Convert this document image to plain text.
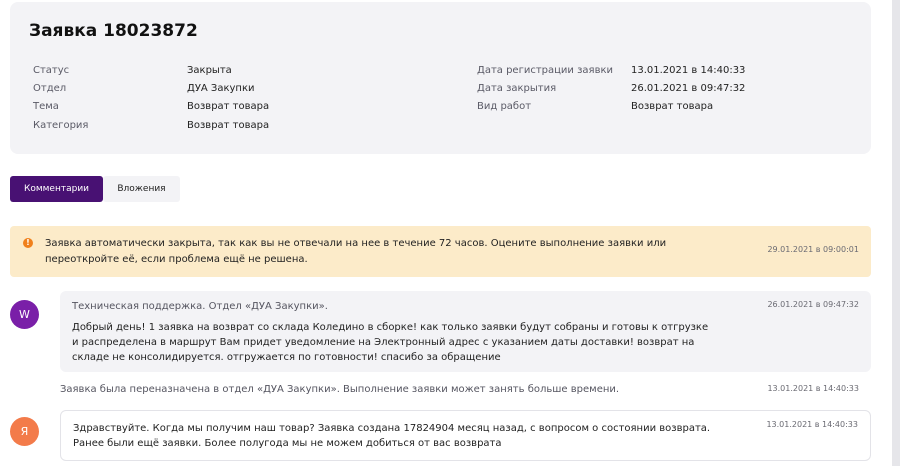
Заявка 18023872
Статус	Закрыта
Отдел	ДУА Закупки
Тема	Возврат товара
Категория	Возврат товара
Дата регистрации заявки 13.01.2021 в 14:40:33
Дата закрытия	26.01.2021 в 09:47:32
Вид работ	Возврат товара
Комментарии	Вложения
!	Заявка автоматически закрыта, так как вы не отвечали на нее в течение 72 часов. Оцените выполнение заявки или переоткройте её, если проблема ещё не решена.
29.01.2021 в 09:00:01
W
Техническая поддержка. Отдел «ДУА Закупки».	26.01.2021 в 09:47:32
Добрый день! 1 заявка на возврат со склада Коледино в сборке! как только заявки будут собраны и готовы к отгрузке и распределена в маршрут Вам придет уведомление на Электронный адрес с указанием даты доставки! возврат на складе не консолидируется. отгружается по готовности! спасибо за обращение
Заявка была переназначена в отдел «ДУА Закупки». Выполнение заявки может занять больше времени.	13.01.2021 в 14:40:33
Я
13.01.2021 в 14:40:33
Здравствуйте. Когда мы получим наш товар? Заявка создана 17824904 месяц назад, с вопросом о состоянии возврата. Ранее были ещё заявки. Более полугода мы не можем добиться от вас возврата
